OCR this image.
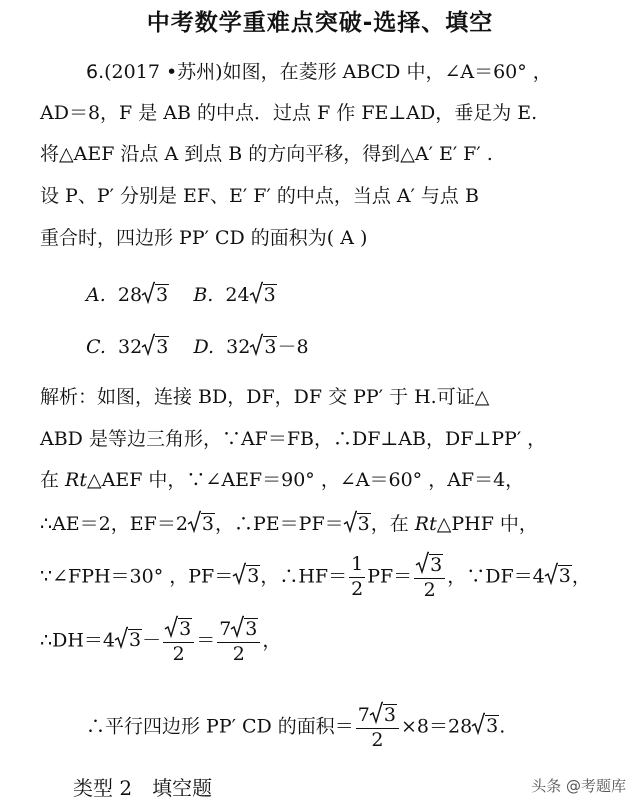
中考数学重难点突破-选择、填空
6.(2017 •苏州)如图，在菱形 ABCD 中，∠A＝60° ，
AD＝8，F 是 AB 的中点．过点 F 作 FE⊥AD，垂足为 E.
将△AEF 沿点 A 到点 B 的方向平移，得到△A′ E′ F′ .
设 P、P′ 分别是 EF、E′ F′ 的中点，当点 A′ 与点 B
重合时，四边形 PP′ CD 的面积为( A )
A. 28 3 B. 24 3
C. 32 3 D. 32 3－8
解析：如图，连接 BD，DF，DF 交 PP′ 于 H.可证△
ABD 是等边三角形，∵AF＝FB，∴DF⊥AB，DF⊥PP′ ，
在 Rt△AEF 中，∵∠AEF＝90° ，∠A＝60° ，AF＝4，
∴AE＝2，EF＝2 3，∴PE＝PF＝ 3，在 Rt△PHF 中，
∵∠FPH＝30° ，PF＝ 3，∴HF＝ $\frac{1}{2} PF= \frac{3}{2}$ ，∵DF＝4 3，
∴DH＝4 $3- \frac{3}{2} = \frac{7 3}{2}$ ，
∴平行四边形 PP′ CD 的面积＝ $\frac{7 3}{2} \times 8=28$ 3.
类型 2　填空题	头条 @考题库
